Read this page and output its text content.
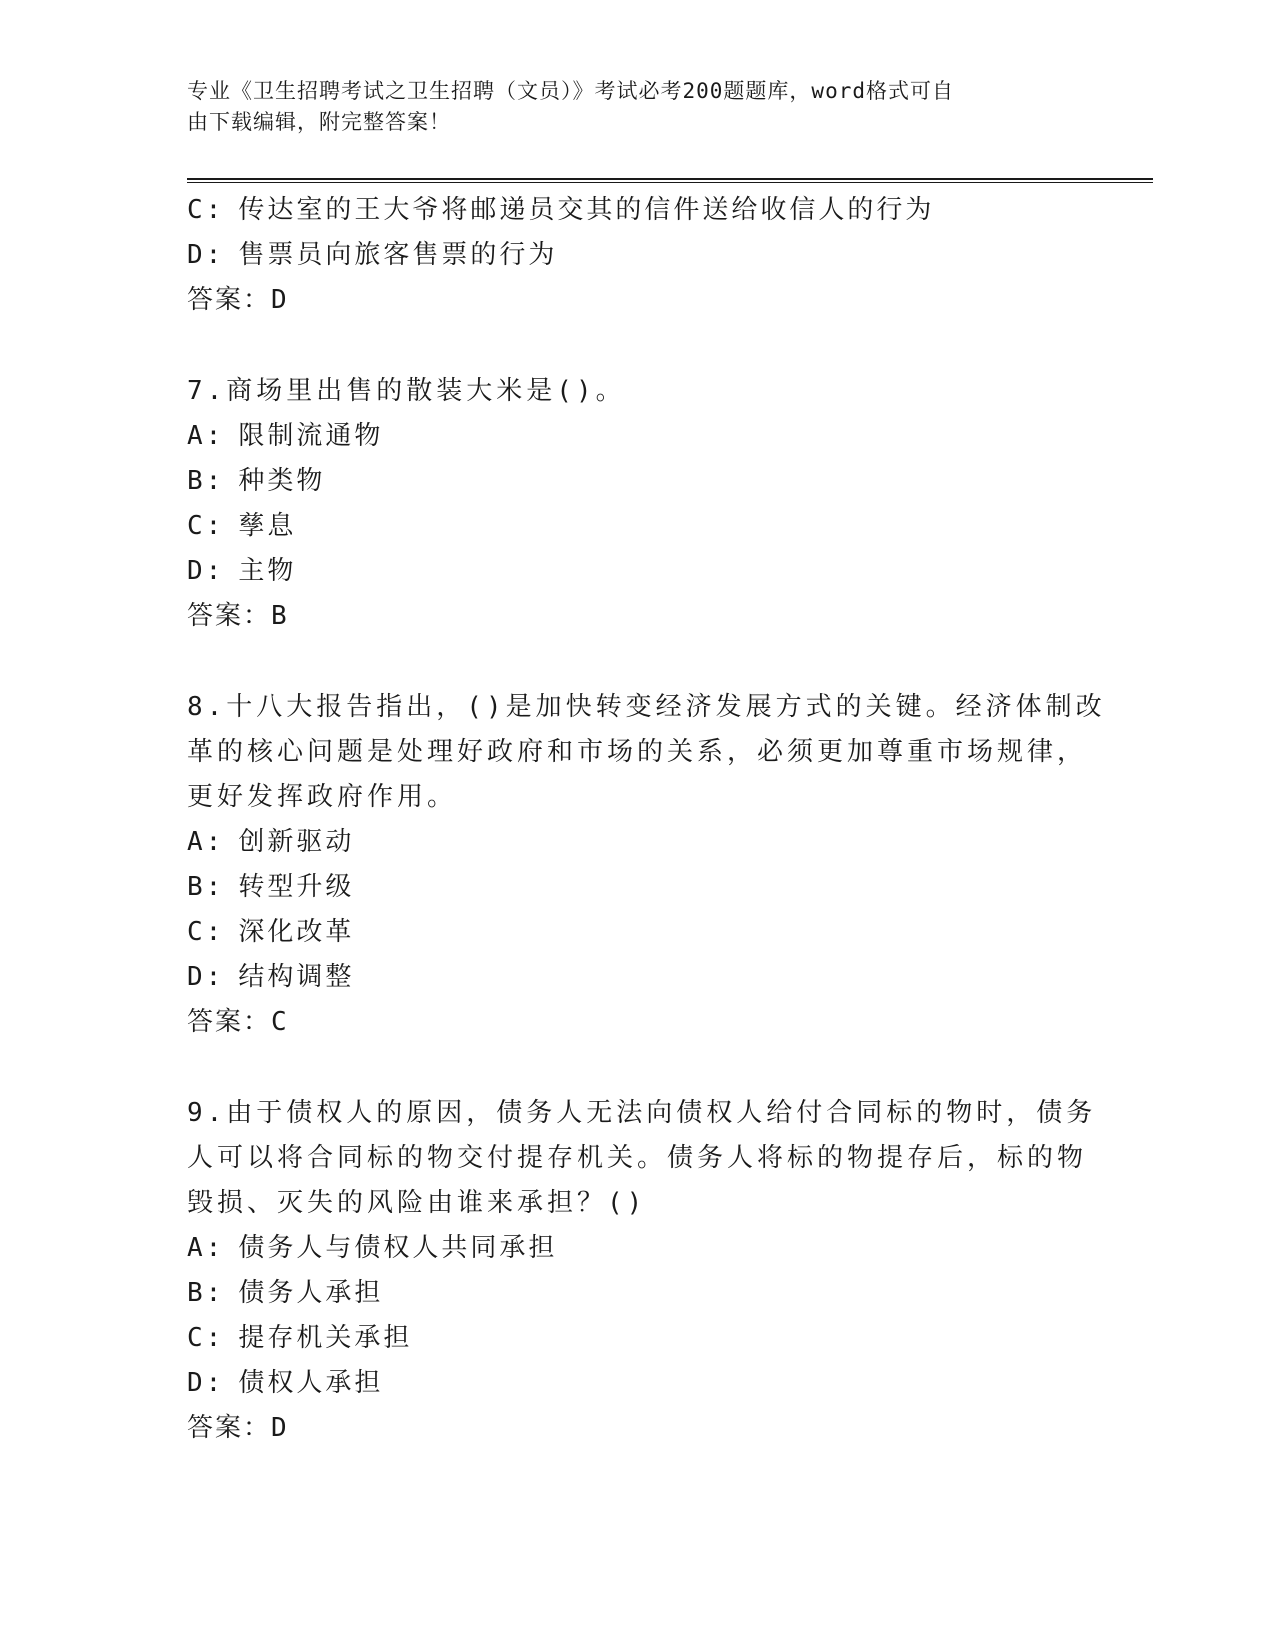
专业《卫生招聘考试之卫生招聘（文员）》考试必考200题题库，word格式可自
由下载编辑，附完整答案！
C: 传达室的王大爷将邮递员交其的信件送给收信人的行为
D: 售票员向旅客售票的行为
答案：D
7.商场里出售的散装大米是()。
A: 限制流通物
B: 种类物
C: 孳息
D: 主物
答案：B
8.十八大报告指出，()是加快转变经济发展方式的关键。经济体制改
革的核心问题是处理好政府和市场的关系，必须更加尊重市场规律，
更好发挥政府作用。
A: 创新驱动
B: 转型升级
C: 深化改革
D: 结构调整
答案：C
9.由于债权人的原因，债务人无法向债权人给付合同标的物时，债务
人可以将合同标的物交付提存机关。债务人将标的物提存后，标的物
毁损、灭失的风险由谁来承担？()
A: 债务人与债权人共同承担
B: 债务人承担
C: 提存机关承担
D: 债权人承担
答案：D
